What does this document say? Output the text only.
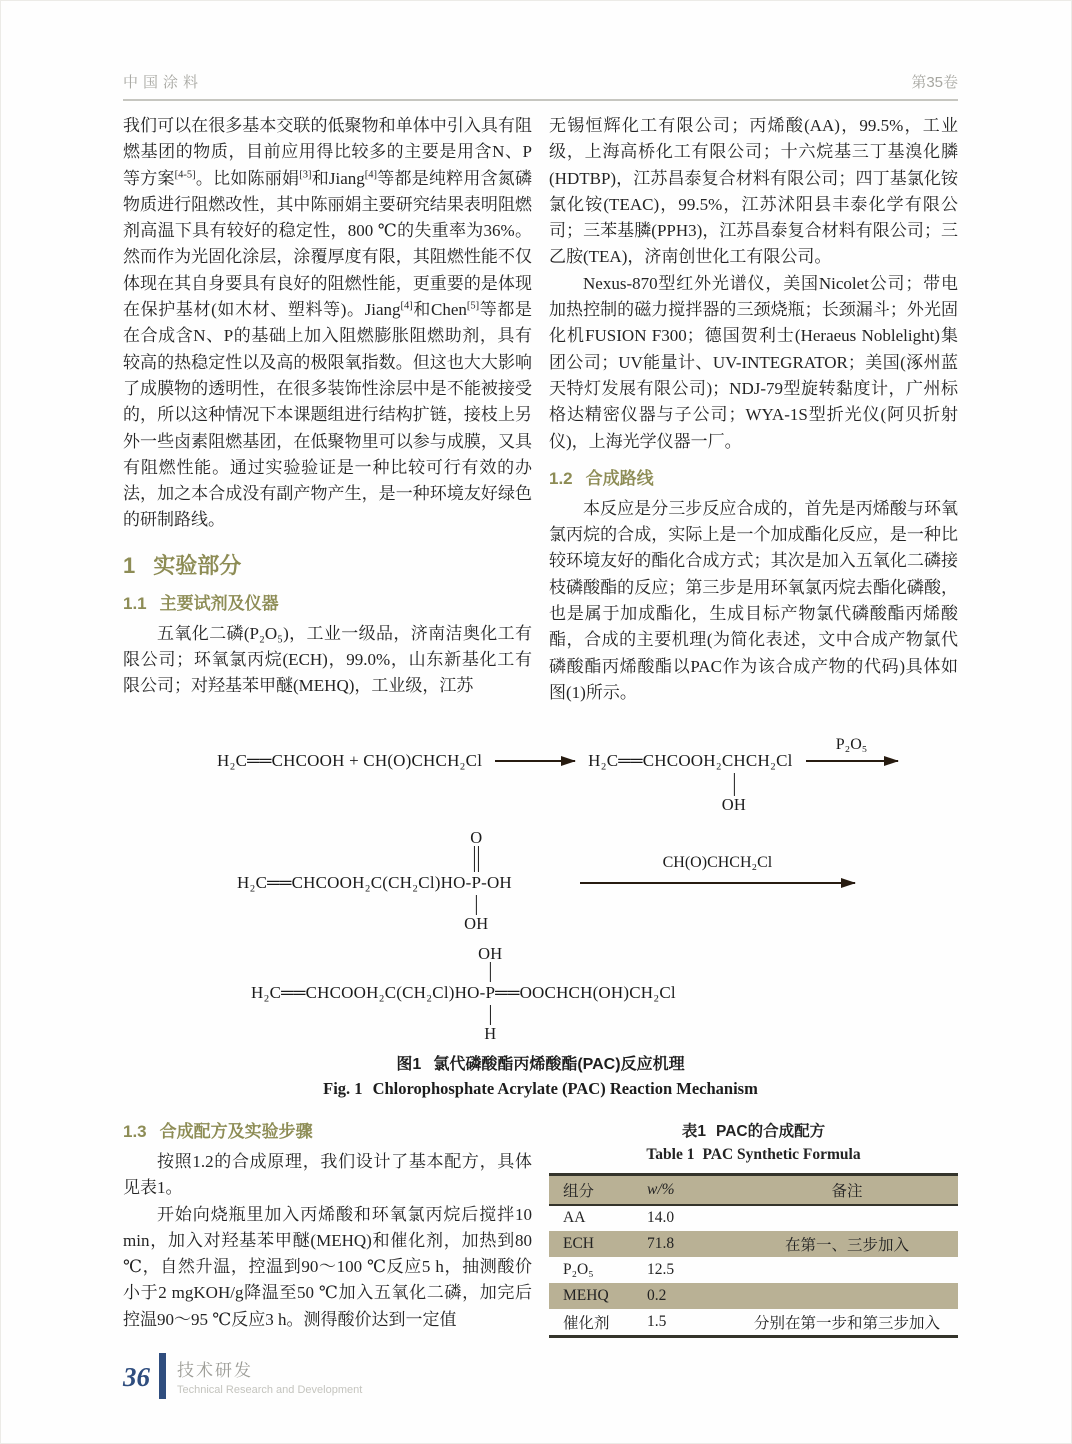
中国涂料	第35卷

我们可以在很多基本交联的低聚物和单体中引入具有阻燃基团的物质，目前应用得比较多的主要是用含N、P等方案[4-5]。比如陈丽娟[3]和Jiang[4]等都是纯粹用含氮磷物质进行阻燃改性，其中陈丽娟主要研究结果表明阻燃剂高温下具有较好的稳定性，800 ℃的失重率为36%。然而作为光固化涂层，涂覆厚度有限，其阻燃性能不仅体现在其自身要具有良好的阻燃性能，更重要的是体现在保护基材(如木材、塑料等)。Jiang[4]和Chen[5]等都是在合成含N、P的基础上加入阻燃膨胀阻燃助剂，具有较高的热稳定性以及高的极限氧指数。但这也大大影响了成膜物的透明性，在很多装饰性涂层中是不能被接受的，所以这种情况下本课题组进行结构扩链，接枝上另外一些卤素阻燃基团，在低聚物里可以参与成膜，又具有阻燃性能。通过实验验证是一种比较可行有效的办法，加之本合成没有副产物产生，是一种环境友好绿色的研制路线。

1 实验部分
1.1 主要试剂及仪器

五氧化二磷(P₂O₅)，工业一级品，济南洁奥化工有限公司；环氧氯丙烷(ECH)，99.0%，山东新基化工有限公司；对羟基苯甲醚(MEHQ)，工业级，江苏

无锡恒辉化工有限公司；丙烯酸(AA)，99.5%，工业级，上海高桥化工有限公司；十六烷基三丁基溴化膦(HDTBP)，江苏昌泰复合材料有限公司；四丁基氯化铵氯化铵(TEAC)，99.5%，江苏沭阳县丰泰化学有限公司；三苯基膦(PPH3)，江苏昌泰复合材料有限公司；三乙胺(TEA)，济南创世化工有限公司。

Nexus-870型红外光谱仪，美国Nicolet公司；带电加热控制的磁力搅拌器的三颈烧瓶；长颈漏斗；外光固化机FUSION F300；德国贺利士(Heraeus Noblelight)集团公司；UV能量计、UV-INTEGRATOR；美国(涿州蓝天特灯发展有限公司)；NDJ-79型旋转黏度计，广州标格达精密仪器与子公司；WYA-1S型折光仪(阿贝折射仪)，上海光学仪器一厂。

1.2 合成路线

本反应是分三步反应合成的，首先是丙烯酸与环氧氯丙烷的合成，实际上是一个加成酯化反应，是一种比较环境友好的酯化合成方式；其次是加入五氧化二磷接枝磷酸酯的反应；第三步是用环氧氯丙烷去酯化磷酸，也是属于加成酯化，生成目标产物氯代磷酸酯丙烯酸酯，合成的主要机理(为简化表述，文中合成产物氯代磷酸酯丙烯酸酯以PAC作为该合成产物的代码)具体如图(1)所示。

H₂C══CHCOOH + CH(O)CHCH₂Cl	H₂C══CHCOOH₂CH
OH
CH₂Cl
P₂O₅
H₂C══CHCOOH₂C(CH₂Cl)HO-P
O
OH
-OH
CH(O)CHCH₂Cl
H₂C══CHCOOH₂C(CH₂Cl)HO-P
OH
H
══OOCHCH(OH)CH₂Cl
图1 氯代磷酸酯丙烯酸酯(PAC)反应机理
Fig. 1 Chlorophosphate Acrylate (PAC) Reaction Mechanism
1.3 合成配方及实验步骤

按照1.2的合成原理，我们设计了基本配方，具体见表1。

开始向烧瓶里加入丙烯酸和环氧氯丙烷后搅拌10 min，加入对羟基苯甲醚(MEHQ)和催化剂，加热到80 ℃，自然升温，控温到90～100 ℃反应5 h，抽测酸价小于2 mgKOH/g降温至50 ℃加入五氧化二磷，加完后控温90～95 ℃反应3 h。测得酸价达到一定值

表1 PAC的合成配方
Table 1 PAC Synthetic Formula
组分	w/%	备注
AA	14.0	
ECH	71.8	在第一、三步加入
P₂O₅	12.5	
MEHQ	0.2	
催化剂	1.5	分别在第一步和第三步加入
36 技术研发
Technical Research and Development
